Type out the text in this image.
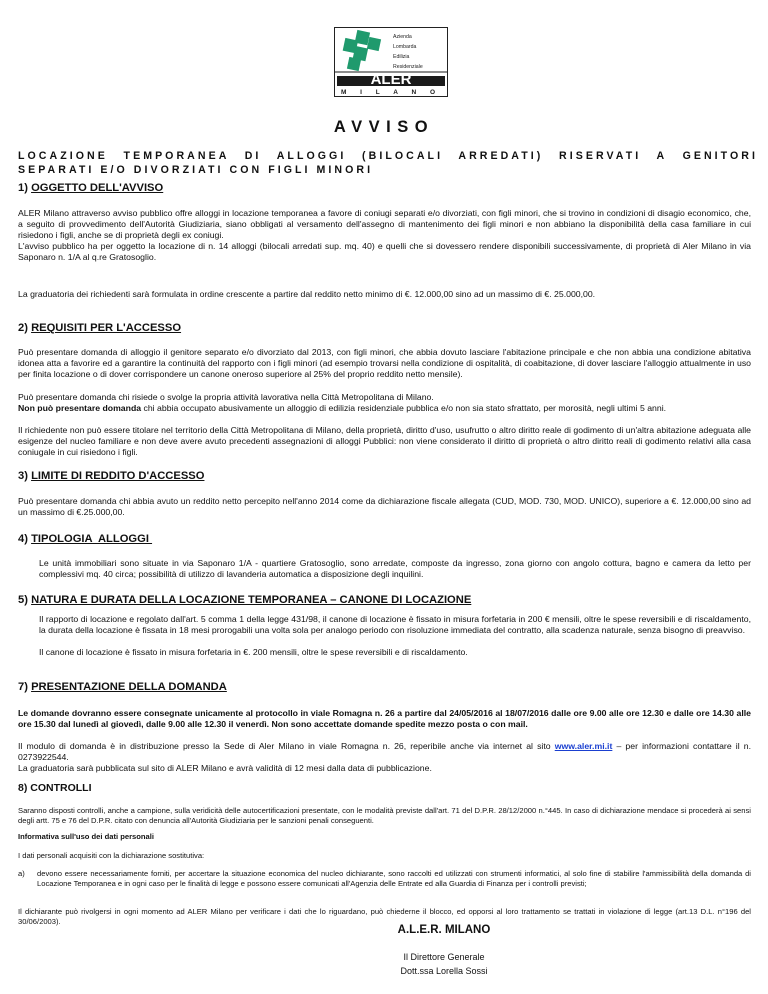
Azienda
Lombarda
Edilizia
Residenziale
ALER
M I L A N O
AVVISO
LOCAZIONE TEMPORANEA DI ALLOGGI (BILOCALI ARREDATI) RISERVATI A GENITORI SEPARATI E/O DIVORZIATI CON FIGLI MINORI
1) OGGETTO DELL'AVVISO
ALER Milano attraverso avviso pubblico offre alloggi in locazione temporanea a favore di coniugi separati e/o divorziati, con figli minori, che si trovino in condizioni di disagio economico, che, a seguito di provvedimento dell'Autorità Giudiziaria, siano obbligati al versamento dell'assegno di mantenimento dei figli minori e non abbiano la disponibilità della casa familiare in cui risiedono i figli, anche se di proprietà degli ex coniugi.
L'avviso pubblico ha per oggetto la locazione di n. 14 alloggi (bilocali arredati sup. mq. 40) e quelli che si dovessero rendere disponibili successivamente, di proprietà di Aler Milano in via Saponaro n. 1/A al q.re Gratosoglio.
La graduatoria dei richiedenti sarà formulata in ordine crescente a partire dal reddito netto minimo di €. 12.000,00 sino ad un massimo di €. 25.000,00.
2) REQUISITI PER L'ACCESSO
Può presentare domanda di alloggio il genitore separato e/o divorziato dal 2013, con figli minori, che abbia dovuto lasciare l'abitazione principale e che non abbia una condizione abitativa idonea atta a favorire ed a garantire la continuità del rapporto con i figli minori (ad esempio trovarsi nella condizione di ospitalità, di coabitazione, di dover lasciare l'alloggio attualmente in uso per finita locazione o di dover corrispondere un canone oneroso superiore al 25% del proprio reddito netto mensile).
Può presentare domanda chi risiede o svolge la propria attività lavorativa nella Città Metropolitana di Milano.
Non può presentare domanda chi abbia occupato abusivamente un alloggio di edilizia residenziale pubblica e/o non sia stato sfrattato, per morosità, negli ultimi 5 anni.
Il richiedente non può essere titolare nel territorio della Città Metropolitana di Milano, della proprietà, diritto d'uso, usufrutto o altro diritto reale di godimento di un'altra abitazione adeguata alle esigenze del nucleo familiare e non deve avere avuto precedenti assegnazioni di alloggi Pubblici: non viene considerato il diritto di proprietà o altro diritto reali di godimento relativi alla casa coniugale in cui risiedono i figli.
3) LIMITE DI REDDITO D'ACCESSO
Può presentare domanda chi abbia avuto un reddito netto percepito nell'anno 2014 come da dichiarazione fiscale allegata (CUD, MOD. 730, MOD. UNICO), superiore a €. 12.000,00 sino ad un massimo di €.25.000,00.
4) TIPOLOGIA  ALLOGGI
Le unità immobiliari sono situate in via Saponaro 1/A - quartiere Gratosoglio, sono arredate, composte da ingresso, zona giorno con angolo cottura, bagno e camera da letto per complessivi mq. 40 circa; possibilità di utilizzo di lavanderia automatica a disposizione degli inquilini.
5) NATURA E DURATA DELLA LOCAZIONE TEMPORANEA – CANONE DI LOCAZIONE
Il rapporto di locazione e regolato dall'art. 5 comma 1 della legge 431/98, il canone di locazione è fissato in misura forfetaria in 200 € mensili, oltre le spese reversibili e di riscaldamento, la durata della locazione è fissata in 18 mesi prorogabili una volta sola per analogo periodo con risoluzione immediata del contratto, alla scadenza naturale, senza bisogno di preavviso.
Il canone di locazione è fissato in misura forfetaria in €. 200 mensili, oltre le spese reversibili e di riscaldamento.
7) PRESENTAZIONE DELLA DOMANDA
Le domande dovranno essere consegnate unicamente al protocollo in viale Romagna n. 26 a partire dal 24/05/2016 al 18/07/2016 dalle ore 9.00 alle ore 12.30 e dalle ore 14.30 alle ore 15.30 dal lunedì al giovedì, dalle 9.00 alle 12.30 il venerdì. Non sono accettate domande spedite mezzo posta o con mail.
Il modulo di domanda è in distribuzione presso la Sede di Aler Milano in viale Romagna n. 26, reperibile anche via internet al sito www.aler.mi.it – per informazioni contattare il n. 0273922544.
La graduatoria sarà pubblicata sul sito di ALER Milano e avrà validità di 12 mesi dalla data di pubblicazione.
8) CONTROLLI
Saranno disposti controlli, anche a campione, sulla veridicità delle autocertificazioni presentate, con le modalità previste dall'art. 71 del D.P.R. 28/12/2000 n.°445. In caso di dichiarazione mendace si procederà ai sensi degli artt. 75 e 76 del D.P.R. citato con denuncia all'Autorità Giudiziaria per le sanzioni penali conseguenti.
Informativa sull'uso dei dati personali
I dati personali acquisiti con la dichiarazione sostitutiva:
a) devono essere necessariamente forniti, per accertare la situazione economica del nucleo dichiarante, sono raccolti ed utilizzati con strumenti informatici, al solo fine di stabilire l'ammissibilità della domanda di Locazione Temporanea e in ogni caso per le finalità di legge e possono essere comunicati all'Agenzia delle Entrate ed alla Guardia di Finanza per i controlli previsti;
Il dichiarante può rivolgersi in ogni momento ad ALER Milano per verificare i dati che lo riguardano, può chiederne il blocco, ed opporsi al loro trattamento se trattati in violazione di legge (art.13 D.L. n°196 del 30/06/2003).
A.L.E.R. MILANO
Il Direttore Generale
Dott.ssa Lorella Sossi
